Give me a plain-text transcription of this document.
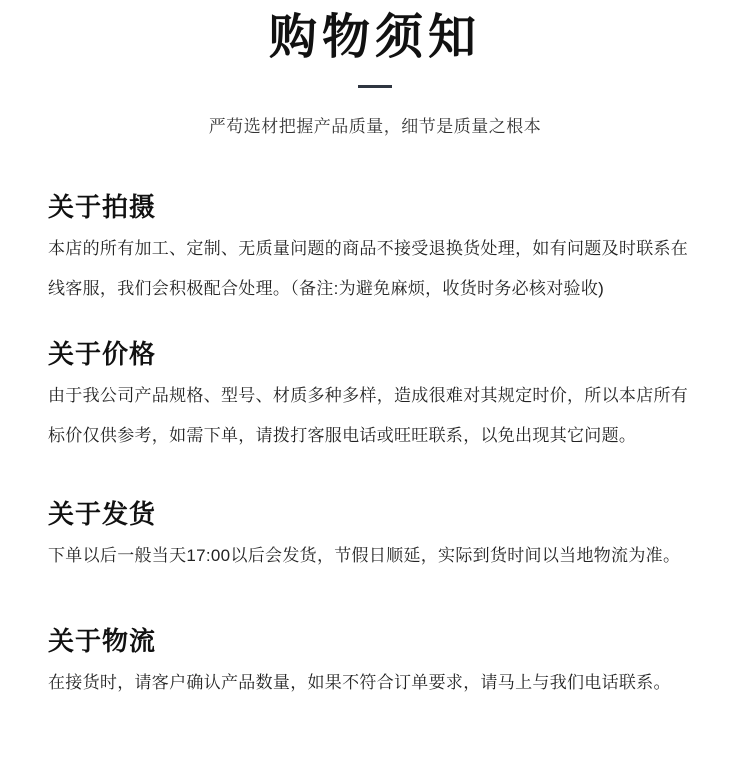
购物须知

严苟选材把握产品质量，细节是质量之根本

关于拍摄

本店的所有加工、定制、无质量问题的商品不接受退换货处理，如有问题及时联系在线客服，我们会积极配合处理。（备注:为避免麻烦，收货时务必核对验收)

关于价格

由于我公司产品规格、型号、材质多种多样，造成很难对其规定时价，所以本店所有标价仅供参考，如需下单，请拨打客服电话或旺旺联系，以免出现其它问题。

关于发货

下单以后一般当天17:00以后会发货，节假日顺延，实际到货时间以当地物流为准。

关于物流

在接货时，请客户确认产品数量，如果不符合订单要求，请马上与我们电话联系。
